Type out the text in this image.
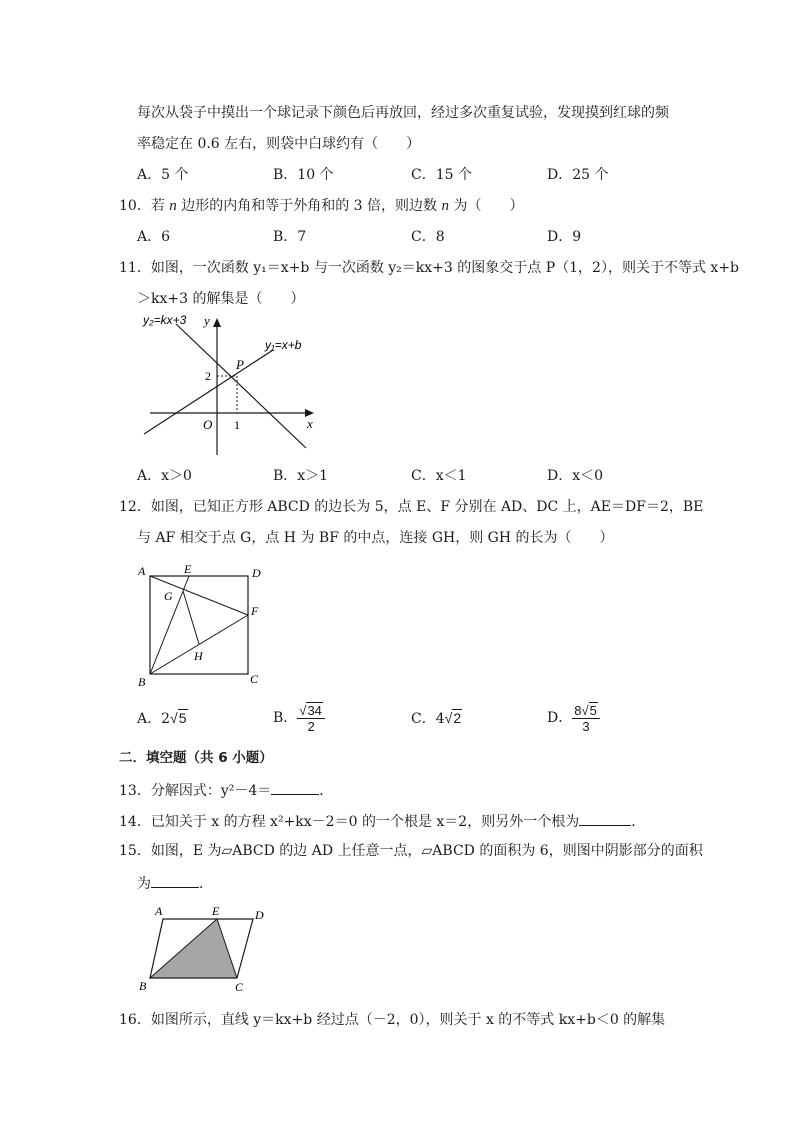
每次从袋子中摸出一个球记录下颜色后再放回，经过多次重复试验，发现摸到红球的频
率稳定在 0.6 左右，则袋中白球约有（　　）
A．5 个	B．10 个	C．15 个	D．25 个
10．若 n 边形的内角和等于外角和的 3 倍，则边数 n 为（　　）
A．6	B．7	C．8	D．9
11．如图，一次函数 y₁＝x+b 与一次函数 y₂＝kx+3 的图象交于点 P（1，2），则关于不等式 x+b
＞kx+3 的解集是（　　）
y₂=kx+3
y₁=x+b
y
x
O
P
2
1
A．x＞0	B．x＞1	C．x＜1	D．x＜0
12．如图，已知正方形 ABCD 的边长为 5，点 E、F 分别在 AD、DC 上，AE＝DF＝2，BE
与 AF 相交于点 G，点 H 为 BF 的中点，连接 GH，则 GH 的长为（　　）
A	E	D
G
F
H
B	C
A．2√5	B． $\frac{√34}{2}$	C．4√2	D． $\frac{8√5}{3}$
二．填空题（共 6 小题）
13．分解因式：y²－4＝	．
14．已知关于 x 的方程 x²+kx－2＝0 的一个根是 x＝2，则另外一个根为	．
15．如图，E 为▱ABCD 的边 AD 上任意一点，▱ABCD 的面积为 6，则图中阴影部分的面积
为	．
A	E	D
B	C
16．如图所示，直线 y＝kx+b 经过点（－2，0），则关于 x 的不等式 kx+b＜0 的解集
